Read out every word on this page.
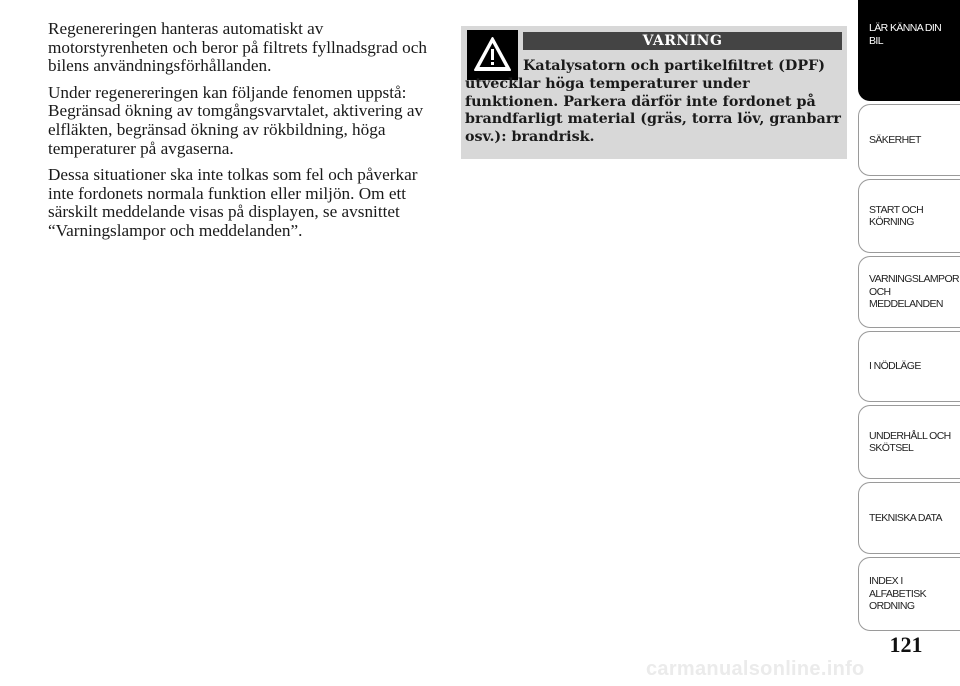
Regenereringen hanteras automatiskt av motorstyrenheten och beror på filtrets fyllnadsgrad och bilens användningsförhållanden.

Under regenereringen kan följande fenomen uppstå: Begränsad ökning av tomgångsvarvtalet, aktivering av elfläkten, begränsad ökning av rökbildning, höga temperaturer på avgaserna.

Dessa situationer ska inte tolkas som fel och påverkar inte fordonets normala funktion eller miljön. Om ett särskilt meddelande visas på displayen, se avsnittet “Varningslampor och meddelanden”.

VARNING
Katalysatorn och partikelfiltret (DPF) utvecklar höga temperaturer under funktionen. Parkera därför inte fordonet på brandfarligt material (gräs, torra löv, granbarr osv.): brandrisk.
LÄR KÄNNA DIN
BIL
SÄKERHET
START OCH
KÖRNING
VARNINGSLAMPOR
OCH
MEDDELANDEN
I NÖDLÄGE
UNDERHÅLL OCH
SKÖTSEL
TEKNISKA DATA
INDEX I
ALFABETISK
ORDNING
121
carmanualsonline.info
